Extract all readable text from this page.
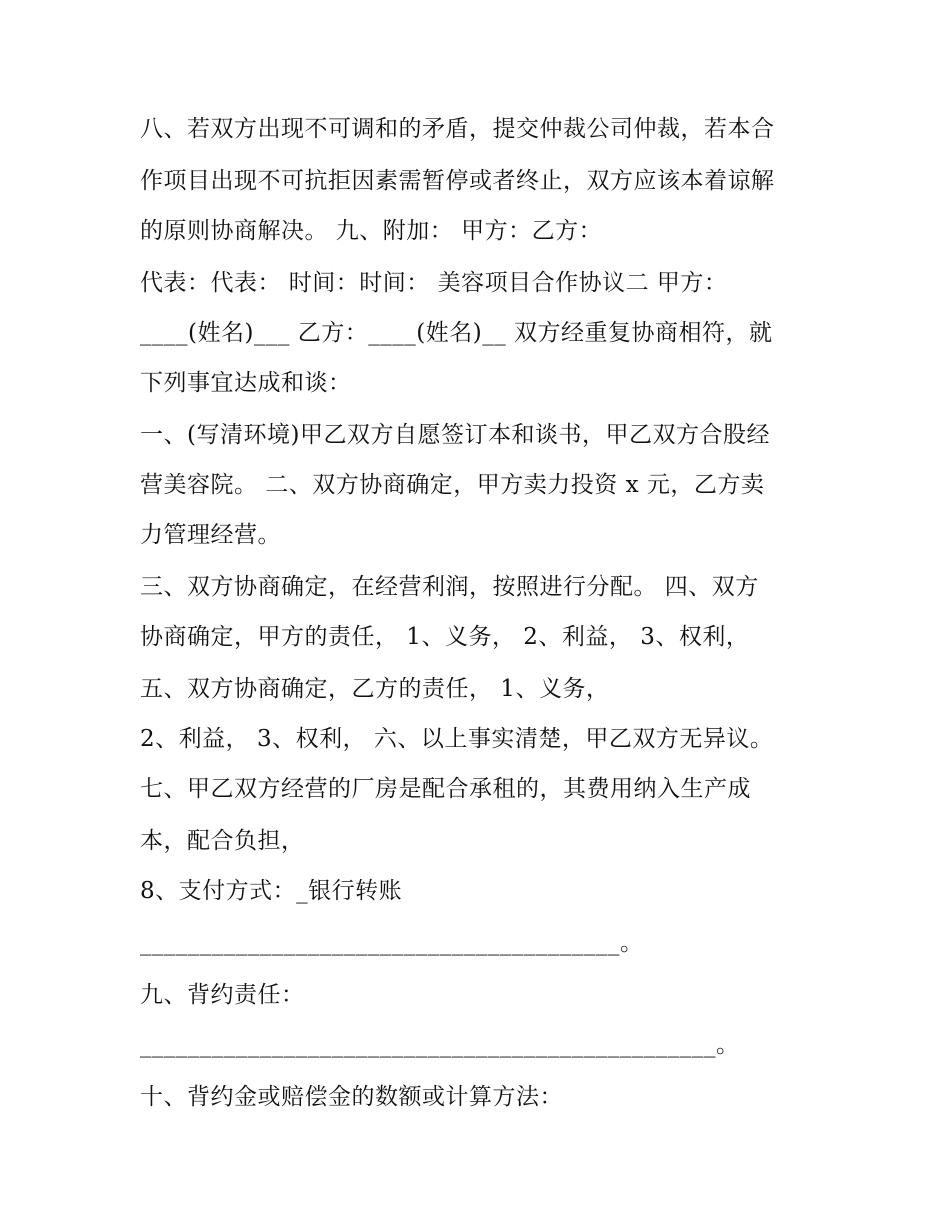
八、若双方出现不可调和的矛盾，提交仲裁公司仲裁，若本合
作项目出现不可抗拒因素需暂停或者终止，双方应该本着谅解
的原则协商解决。 九、附加： 甲方：乙方：
代表：代表： 时间：时间： 美容项目合作协议二 甲方：
____(姓名)___ 乙方：____(姓名)__ 双方经重复协商相符，就
下列事宜达成和谈：
一、(写清环境)甲乙双方自愿签订本和谈书，甲乙双方合股经
营美容院。 二、双方协商确定，甲方卖力投资 x 元，乙方卖
力管理经营。
三、双方协商确定，在经营利润，按照进行分配。 四、双方
协商确定，甲方的责任， 1、义务， 2、利益， 3、权利，
五、双方协商确定，乙方的责任， 1、义务，
2、利益， 3、权利， 六、以上事实清楚，甲乙双方无异议。
七、甲乙双方经营的厂房是配合承租的，其费用纳入生产成
本，配合负担，
8、支付方式：_银行转账
________________________________________。
九、背约责任：
________________________________________________。
十、背约金或赔偿金的数额或计算方法：
